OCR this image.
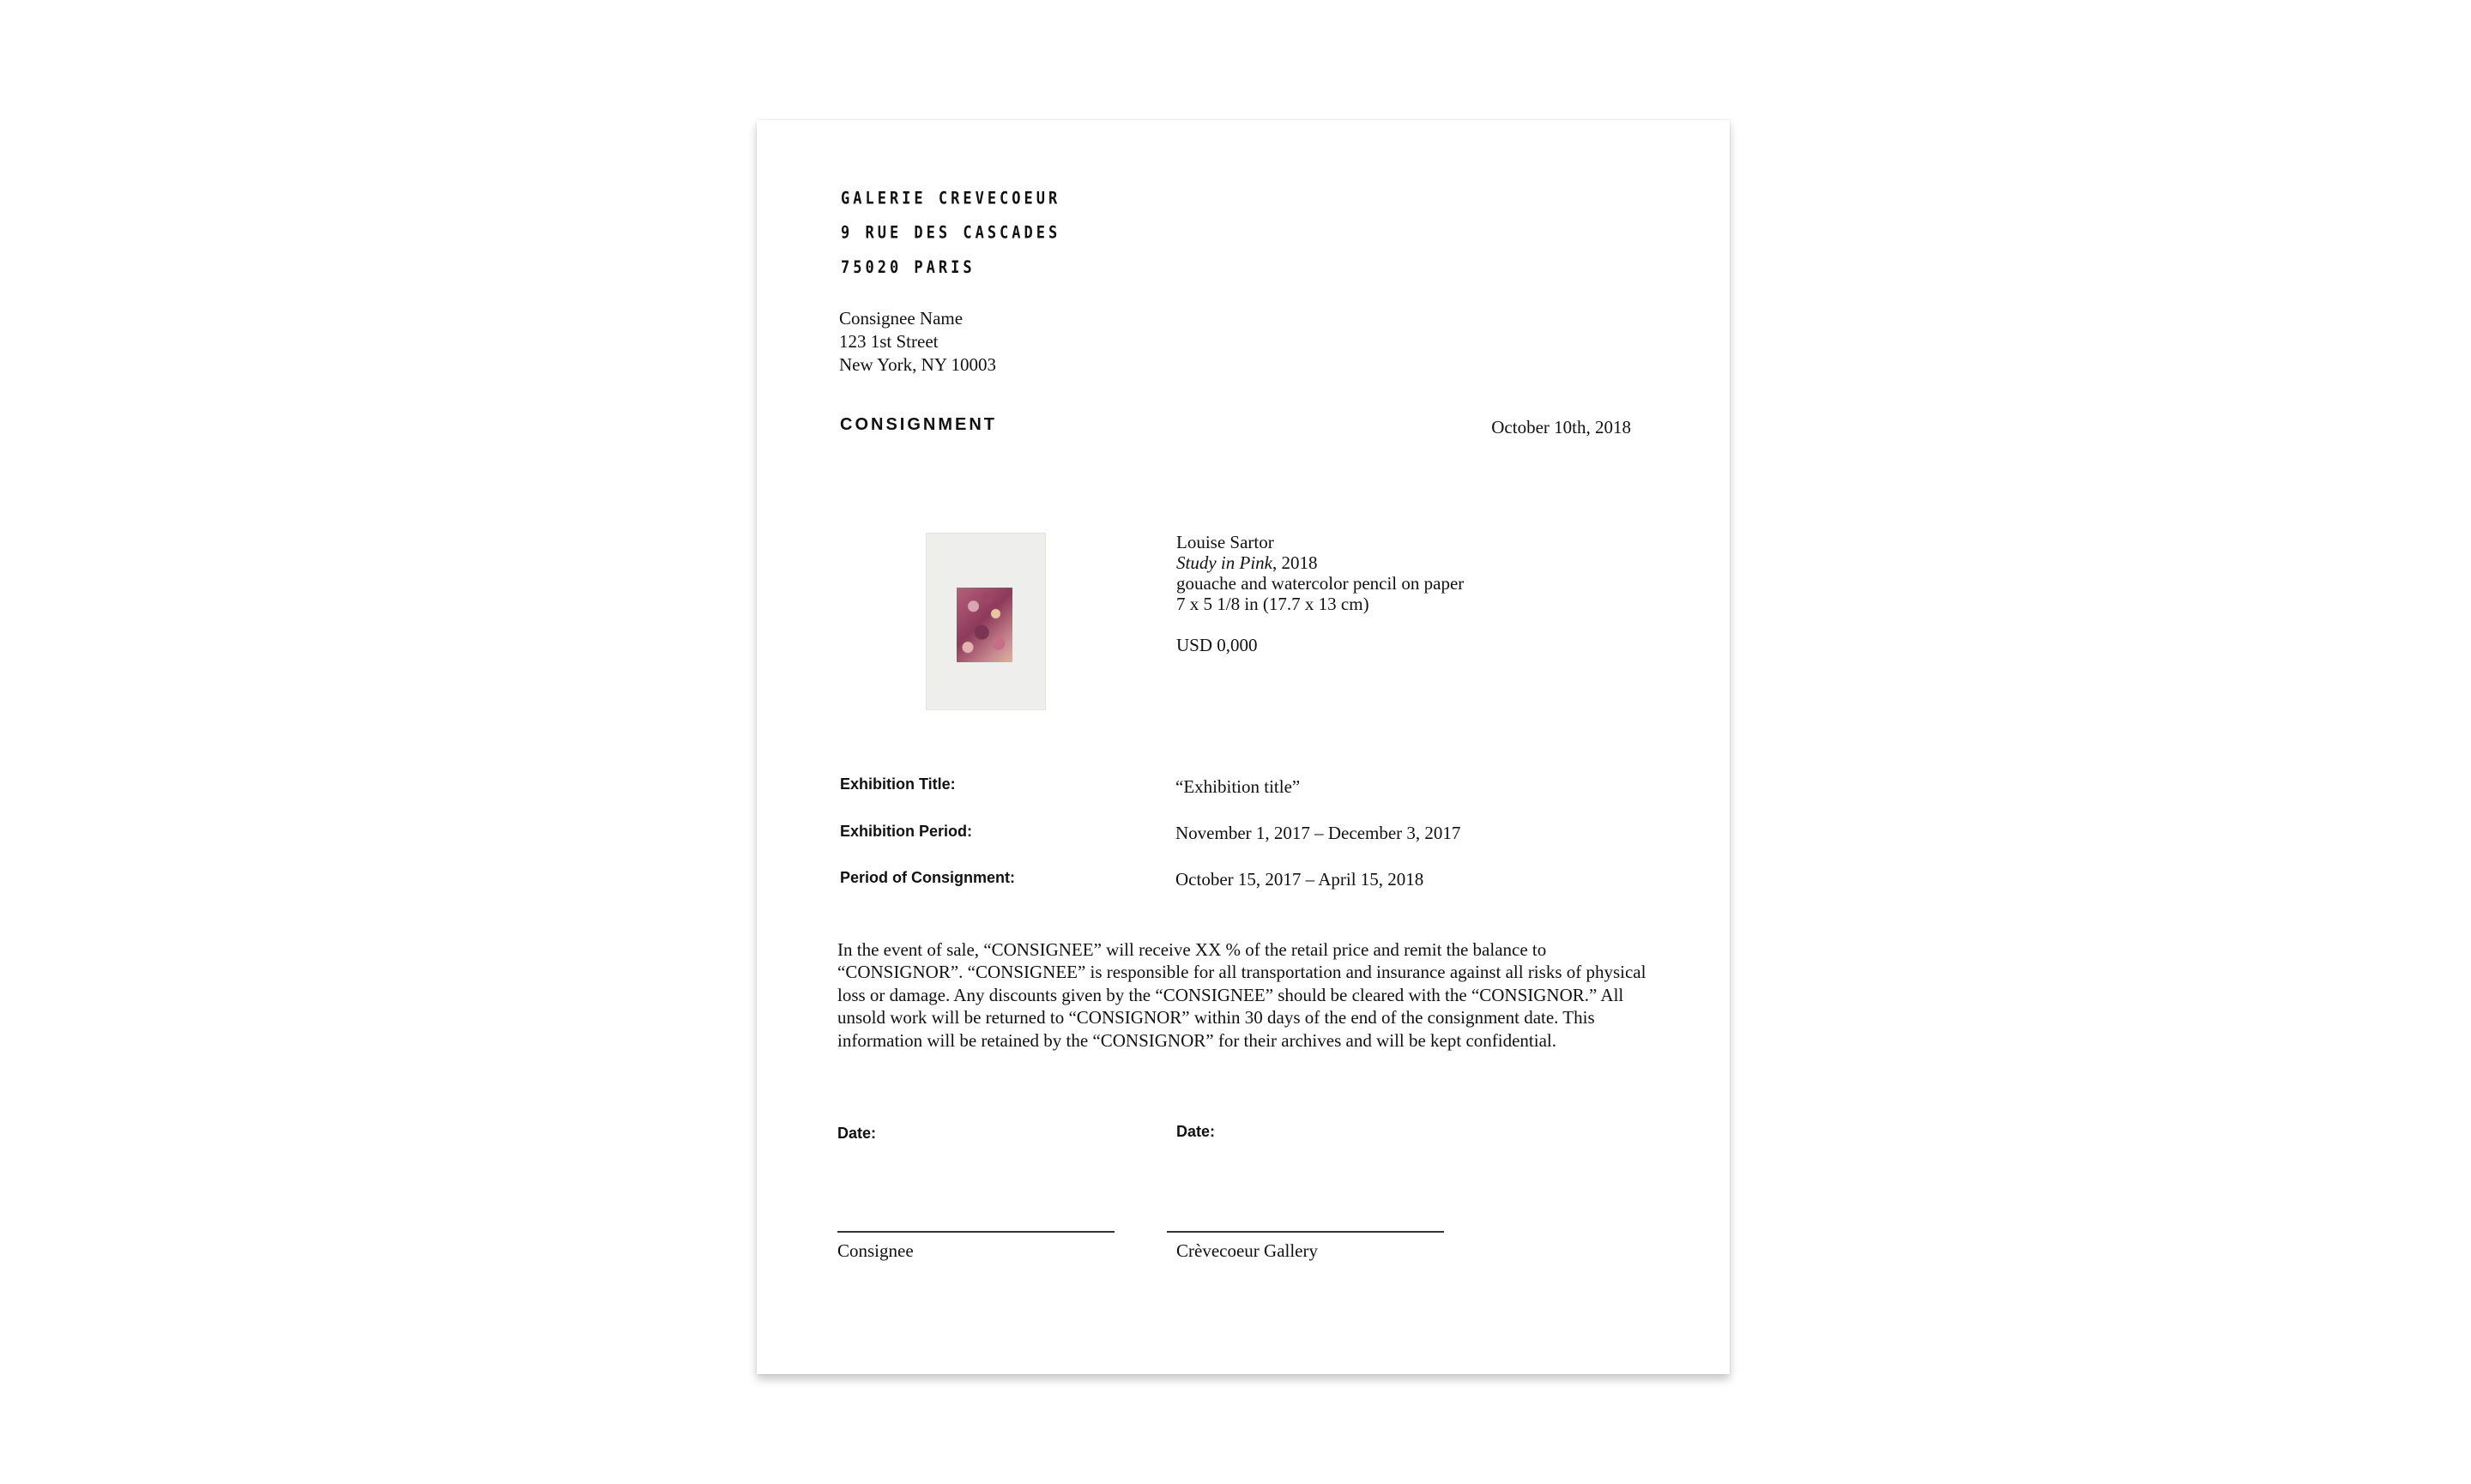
GALERIE CREVECOEUR
9 RUE DES CASCADES
75020 PARIS
Consignee Name
123 1st Street
New York, NY 10003
CONSIGNMENT	October 10th, 2018
Louise Sartor
Study in Pink, 2018
gouache and watercolor pencil on paper
7 x 5 1/8 in (17.7 x 13 cm)
USD 0,000
Exhibition Title:	“Exhibition title”
Exhibition Period:	November 1, 2017 – December 3, 2017
Period of Consignment:	October 15, 2017 – April 15, 2018
In the event of sale, “CONSIGNEE” will receive XX % of the retail price and remit the balance to “CONSIGNOR”. “CONSIGNEE” is responsible for all transportation and insurance against all risks of physical loss or damage. Any discounts given by the “CONSIGNEE” should be cleared with the “CONSIGNOR.” All unsold work will be returned to “CONSIGNOR” within 30 days of the end of the consignment date. This information will be retained by the “CONSIGNOR” for their archives and will be kept confidential.
Date:	Date:
Consignee	Crèvecoeur Gallery
